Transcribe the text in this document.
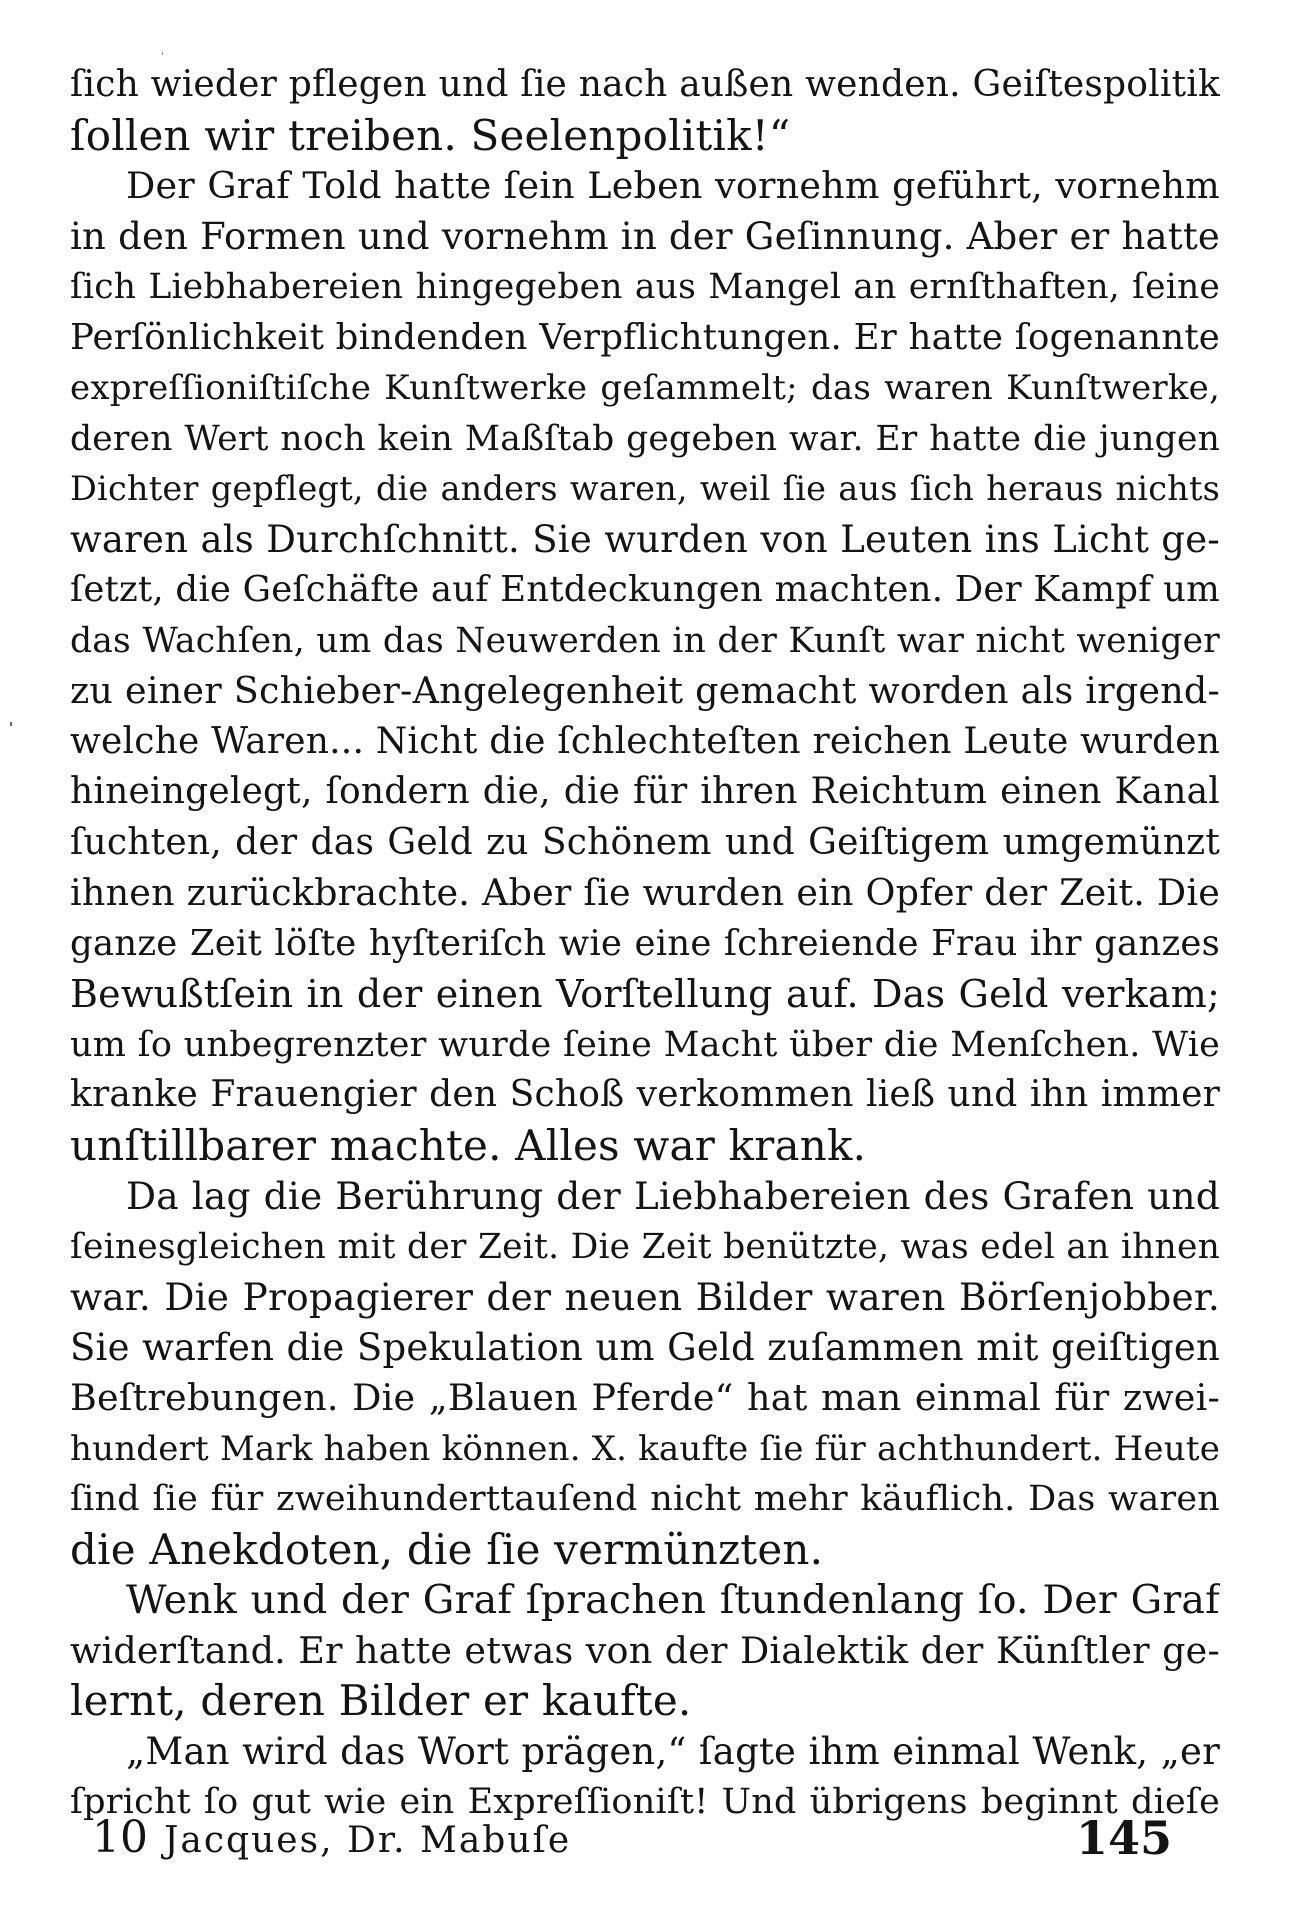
ſich wieder pflegen und ſie nach außen wenden. Geiſtespolitik
ſollen wir treiben. Seelenpolitik!“
Der Graf Told hatte ſein Leben vornehm geführt, vornehm
in den Formen und vornehm in der Geſinnung. Aber er hatte
ſich Liebhabereien hingegeben aus Mangel an ernſthaften, ſeine
Perſönlichkeit bindenden Verpflichtungen. Er hatte ſogenannte
expreſſioniſtiſche Kunſtwerke geſammelt; das waren Kunſtwerke,
deren Wert noch kein Maßſtab gegeben war. Er hatte die jungen
Dichter gepflegt, die anders waren, weil ſie aus ſich heraus nichts
waren als Durchſchnitt. Sie wurden von Leuten ins Licht ge-
ſetzt, die Geſchäfte auf Entdeckungen machten. Der Kampf um
das Wachſen, um das Neuwerden in der Kunſt war nicht weniger
zu einer Schieber-Angelegenheit gemacht worden als irgend-
welche Waren... Nicht die ſchlechteſten reichen Leute wurden
hineingelegt, ſondern die, die für ihren Reichtum einen Kanal
ſuchten, der das Geld zu Schönem und Geiſtigem umgemünzt
ihnen zurückbrachte. Aber ſie wurden ein Opfer der Zeit. Die
ganze Zeit löſte hyſteriſch wie eine ſchreiende Frau ihr ganzes
Bewußtſein in der einen Vorſtellung auf. Das Geld verkam;
um ſo unbegrenzter wurde ſeine Macht über die Menſchen. Wie
kranke Frauengier den Schoß verkommen ließ und ihn immer
unſtillbarer machte. Alles war krank.
Da lag die Berührung der Liebhabereien des Grafen und
ſeinesgleichen mit der Zeit. Die Zeit benützte, was edel an ihnen
war. Die Propagierer der neuen Bilder waren Börſenjobber.
Sie warfen die Spekulation um Geld zuſammen mit geiſtigen
Beſtrebungen. Die „Blauen Pferde“ hat man einmal für zwei-
hundert Mark haben können. X. kaufte ſie für achthundert. Heute
ſind ſie für zweihunderttauſend nicht mehr käuflich. Das waren
die Anekdoten, die ſie vermünzten.
Wenk und der Graf ſprachen ſtundenlang ſo. Der Graf
widerſtand. Er hatte etwas von der Dialektik der Künſtler ge-
lernt, deren Bilder er kaufte.
„Man wird das Wort prägen,“ ſagte ihm einmal Wenk, „er
ſpricht ſo gut wie ein Expreſſioniſt! Und übrigens beginnt dieſe
10 Jacques, Dr. Mabuſe	145
